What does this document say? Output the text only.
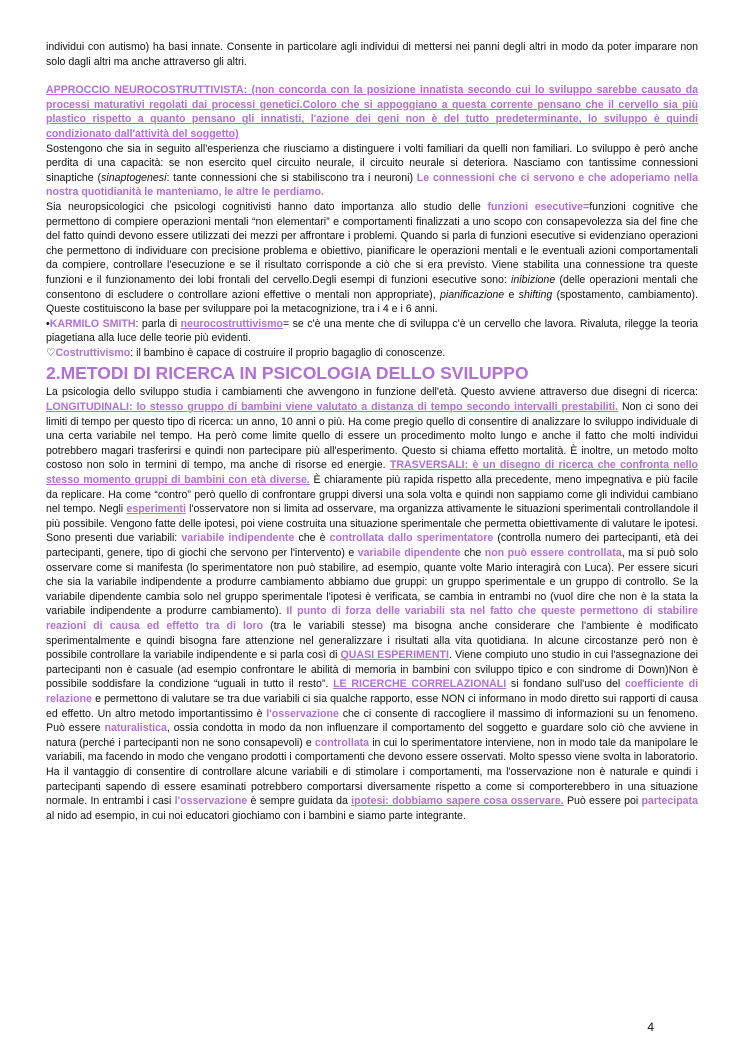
individui con autismo) ha basi innate. Consente in particolare agli individui di mettersi nei panni degli altri in modo da poter imparare non solo dagli altri ma anche attraverso gli altri.

APPROCCIO NEUROCOSTRUTTIVISTA: (non concorda con la posizione innatista secondo cui lo sviluppo sarebbe causato da processi maturativi regolati dai processi genetici.Coloro che si appoggiano a questa corrente pensano che il cervello sia più plastico rispetto a quanto pensano gli innatisti, l'azione dei geni non è del tutto predeterminante, lo sviluppo è quindi condizionato dall'attività del soggetto)

Sostengono che sia in seguito all'esperienza che riusciamo a distinguere i volti familiari da quelli non familiari. Lo sviluppo è però anche perdita di una capacità: se non esercito quel circuito neurale, il circuito neurale si deteriora. Nasciamo con tantissime connessioni sinaptiche (sinaptogenesi: tante connessioni che si stabiliscono tra i neuroni) Le connessioni che ci servono e che adoperiamo nella nostra quotidianità le manteniamo, le altre le perdiamo.

Sia neuropsicologici che psicologi cognitivisti hanno dato importanza allo studio delle funzioni esecutive=funzioni cognitive che permettono di compiere operazioni mentali “non elementari” e comportamenti finalizzati a uno scopo con consapevolezza sia del fine che del fatto quindi devono essere utilizzati dei mezzi per affrontare i problemi. Quando si parla di funzioni esecutive si evidenziano operazioni che permettono di individuare con precisione problema e obiettivo, pianificare le operazioni mentali e le eventuali azioni comportamentali da compiere, controllare l'esecuzione e se il risultato corrisponde a ciò che si era previsto. Viene stabilita una connessione tra queste funzioni e il funzionamento dei lobi frontali del cervello.Degli esempi di funzioni esecutive sono: inibizione (delle operazioni mentali che consentono di escludere o controllare azioni effettive o mentali non appropriate), pianificazione e shifting (spostamento, cambiamento). Queste costituiscono la base per sviluppare poi la metacognizione, tra i 4 e i 6 anni.

•KARMILO SMITH: parla di neurocostruttivismo= se c'è una mente che di sviluppa c'è un cervello che lavora. Rivaluta, rilegge la teoria piagetiana alla luce delle teorie più evidenti.

♡Costruttivismo: il bambino è capace di costruire il proprio bagaglio di conoscenze.

2.METODI DI RICERCA IN PSICOLOGIA DELLO SVILUPPO

La psicologia dello sviluppo studia i cambiamenti che avvengono in funzione dell'età. Questo avviene attraverso due disegni di ricerca: LONGITUDINALI: lo stesso gruppo di bambini viene valutato a distanza di tempo secondo intervalli prestabiliti. Non ci sono dei limiti di tempo per questo tipo di ricerca: un anno, 10 anni o più. Ha come pregio quello di consentire di analizzare lo sviluppo individuale di una certa variabile nel tempo. Ha però come limite quello di essere un procedimento molto lungo e anche il fatto che molti individui potrebbero magari trasferirsi e quindi non partecipare più all'esperimento. Questo si chiama effetto mortalità. È inoltre, un metodo molto costoso non solo in termini di tempo, ma anche di risorse ed energie. TRASVERSALI: è un disegno di ricerca che confronta nello stesso momento gruppi di bambini con età diverse. È chiaramente più rapida rispetto alla precedente, meno impegnativa e più facile da replicare. Ha come “contro” però quello di confrontare gruppi diversi una sola volta e quindi non sappiamo come gli individui cambiano nel tempo. Negli esperimenti l'osservatore non si limita ad osservare, ma organizza attivamente le situazioni sperimentali controllandole il più possibile. Vengono fatte delle ipotesi, poi viene costruita una situazione sperimentale che permetta obiettivamente di valutare le ipotesi. Sono presenti due variabili: variabile indipendente che è controllata dallo sperimentatore (controlla numero dei partecipanti, età dei partecipanti, genere, tipo di giochi che servono per l'intervento) e variabile dipendente che non può essere controllata, ma si può solo osservare come si manifesta (lo sperimentatore non può stabilire, ad esempio, quante volte Mario interagirà con Luca). Per essere sicuri che sia la variabile indipendente a produrre cambiamento abbiamo due gruppi: un gruppo sperimentale e un gruppo di controllo. Se la variabile dipendente cambia solo nel gruppo sperimentale l'ipotesi è verificata, se cambia in entrambi no (vuol dire che non è la stata la variabile indipendente a produrre cambiamento). Il punto di forza delle variabili sta nel fatto che queste permettono di stabilire reazioni di causa ed effetto tra di loro (tra le variabili stesse) ma bisogna anche considerare che l'ambiente è modificato sperimentalmente e quindi bisogna fare attenzione nel generalizzare i risultati alla vita quotidiana. In alcune circostanze però non è possibile controllare la variabile indipendente e si parla così di QUASI ESPERIMENTI. Viene compiuto uno studio in cui l'assegnazione dei partecipanti non è casuale (ad esempio confrontare le abilità di memoria in bambini con sviluppo tipico e con sindrome di Down)Non è possibile soddisfare la condizione “uguali in tutto il resto”. LE RICERCHE CORRELAZIONALI si fondano sull'uso del coefficiente di relazione e permettono di valutare se tra due variabili ci sia qualche rapporto, esse NON ci informano in modo diretto sui rapporti di causa ed effetto. Un altro metodo importantissimo è l'osservazione che ci consente di raccogliere il massimo di informazioni su un fenomeno. Può essere naturalistica, ossia condotta in modo da non influenzare il comportamento del soggetto e guardare solo ciò che avviene in natura (perché i partecipanti non ne sono consapevoli) e controllata in cui lo sperimentatore interviene, non in modo tale da manipolare le variabili, ma facendo in modo che vengano prodotti i comportamenti che devono essere osservati. Molto spesso viene svolta in laboratorio. Ha il vantaggio di consentire di controllare alcune variabili e di stimolare i comportamenti, ma l'osservazione non è naturale e quindi i partecipanti sapendo di essere esaminati potrebbero comportarsi diversamente rispetto a come si comporterebbero in una situazione normale. In entrambi i casi l'osservazione è sempre guidata da ipotesi: dobbiamo sapere cosa osservare. Può essere poi partecipata al nido ad esempio, in cui noi educatori giochiamo con i bambini e siamo parte integrante.

4
